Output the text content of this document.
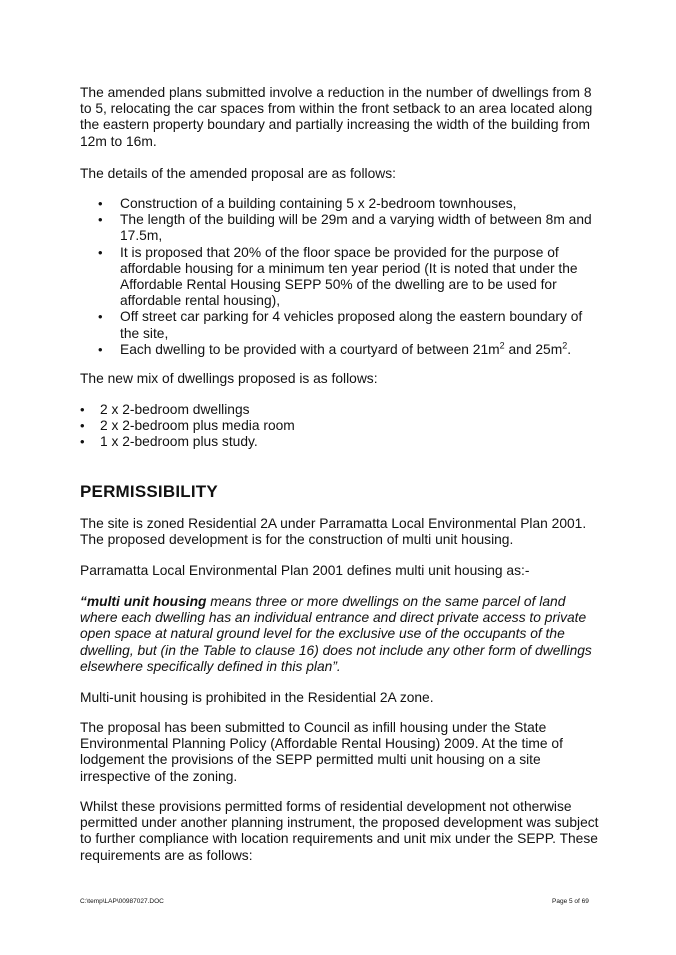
The amended plans submitted involve a reduction in the number of dwellings from 8 to 5, relocating the car spaces from within the front setback to an area located along the eastern property boundary and partially increasing the width of the building from 12m to 16m.

The details of the amended proposal are as follows:

• Construction of a building containing 5 x 2-bedroom townhouses,
• The length of the building will be 29m and a varying width of between 8m and 17.5m,
• It is proposed that 20% of the floor space be provided for the purpose of affordable housing for a minimum ten year period (It is noted that under the Affordable Rental Housing SEPP 50% of the dwelling are to be used for affordable rental housing),
• Off street car parking for 4 vehicles proposed along the eastern boundary of the site,
• Each dwelling to be provided with a courtyard of between $21m^2$ and $25m^2$.

The new mix of dwellings proposed is as follows:

• 2 x 2-bedroom dwellings
• 2 x 2-bedroom plus media room
• 1 x 2-bedroom plus study.
PERMISSIBILITY

The site is zoned Residential 2A under Parramatta Local Environmental Plan 2001. The proposed development is for the construction of multi unit housing.

Parramatta Local Environmental Plan 2001 defines multi unit housing as:-

“multi unit housing means three or more dwellings on the same parcel of land where each dwelling has an individual entrance and direct private access to private open space at natural ground level for the exclusive use of the occupants of the dwelling, but (in the Table to clause 16) does not include any other form of dwellings elsewhere specifically defined in this plan”.

Multi-unit housing is prohibited in the Residential 2A zone.

The proposal has been submitted to Council as infill housing under the State Environmental Planning Policy (Affordable Rental Housing) 2009. At the time of lodgement the provisions of the SEPP permitted multi unit housing on a site irrespective of the zoning.

Whilst these provisions permitted forms of residential development not otherwise permitted under another planning instrument, the proposed development was subject to further compliance with location requirements and unit mix under the SEPP. These requirements are as follows:

C:\temp\LAP\00987027.DOC	Page 5 of 69
